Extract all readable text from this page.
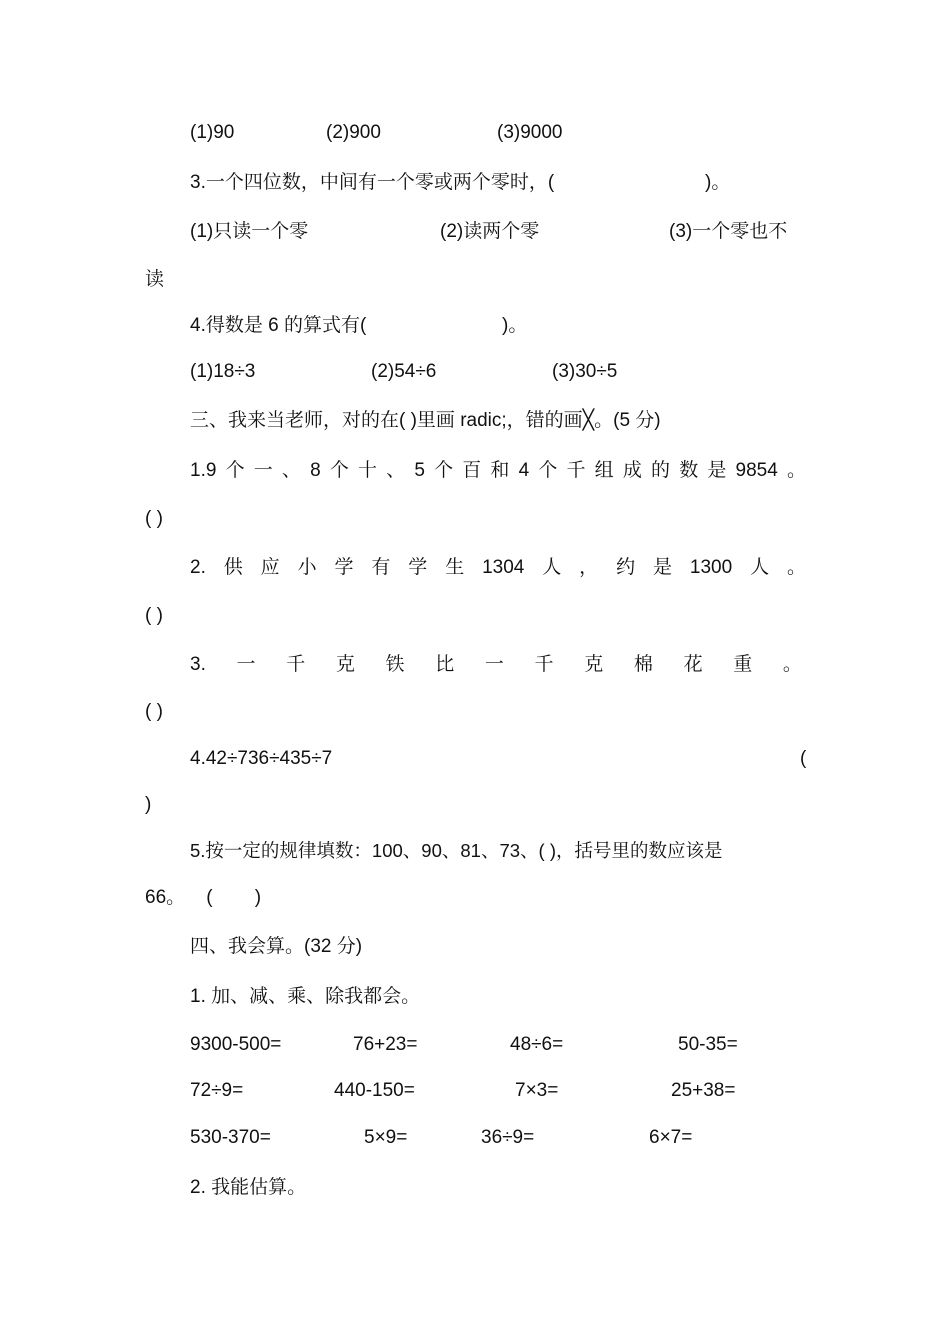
(1)90	(2)900	(3)9000
3.一个四位数，中间有一个零或两个零时，(	)。
(1)只读一个零	(2)读两个零	(3)一个零也不
读
4.得数是 6 的算式有(	)。
(1)18÷3	(2)54÷6	(3)30÷5
三、我来当老师，对的在( )里画 radic;，错的画╳。(5 分)
1.9 个 一 、 8 个 十 、 5 个 百 和 4 个 千 组 成 的 数 是 9854 。
( )
2. 供 应 小 学 有 学 生 1304 人 ， 约 是 1300 人 。
( )
3. 一 千 克 铁 比 一 千 克 棉 花 重 。
( )
4.42÷736÷435÷7	(
)
5.按一定的规律填数：100、90、81、73、( )，括号里的数应该是
66。    (        )
四、我会算。(32 分)
1. 加、减、乘、除我都会。
9300-500=	76+23=	48÷6=	50-35=
72÷9=	440-150=	7×3=	25+38=
530-370=	5×9=	36÷9=	6×7=
2. 我能估算。
